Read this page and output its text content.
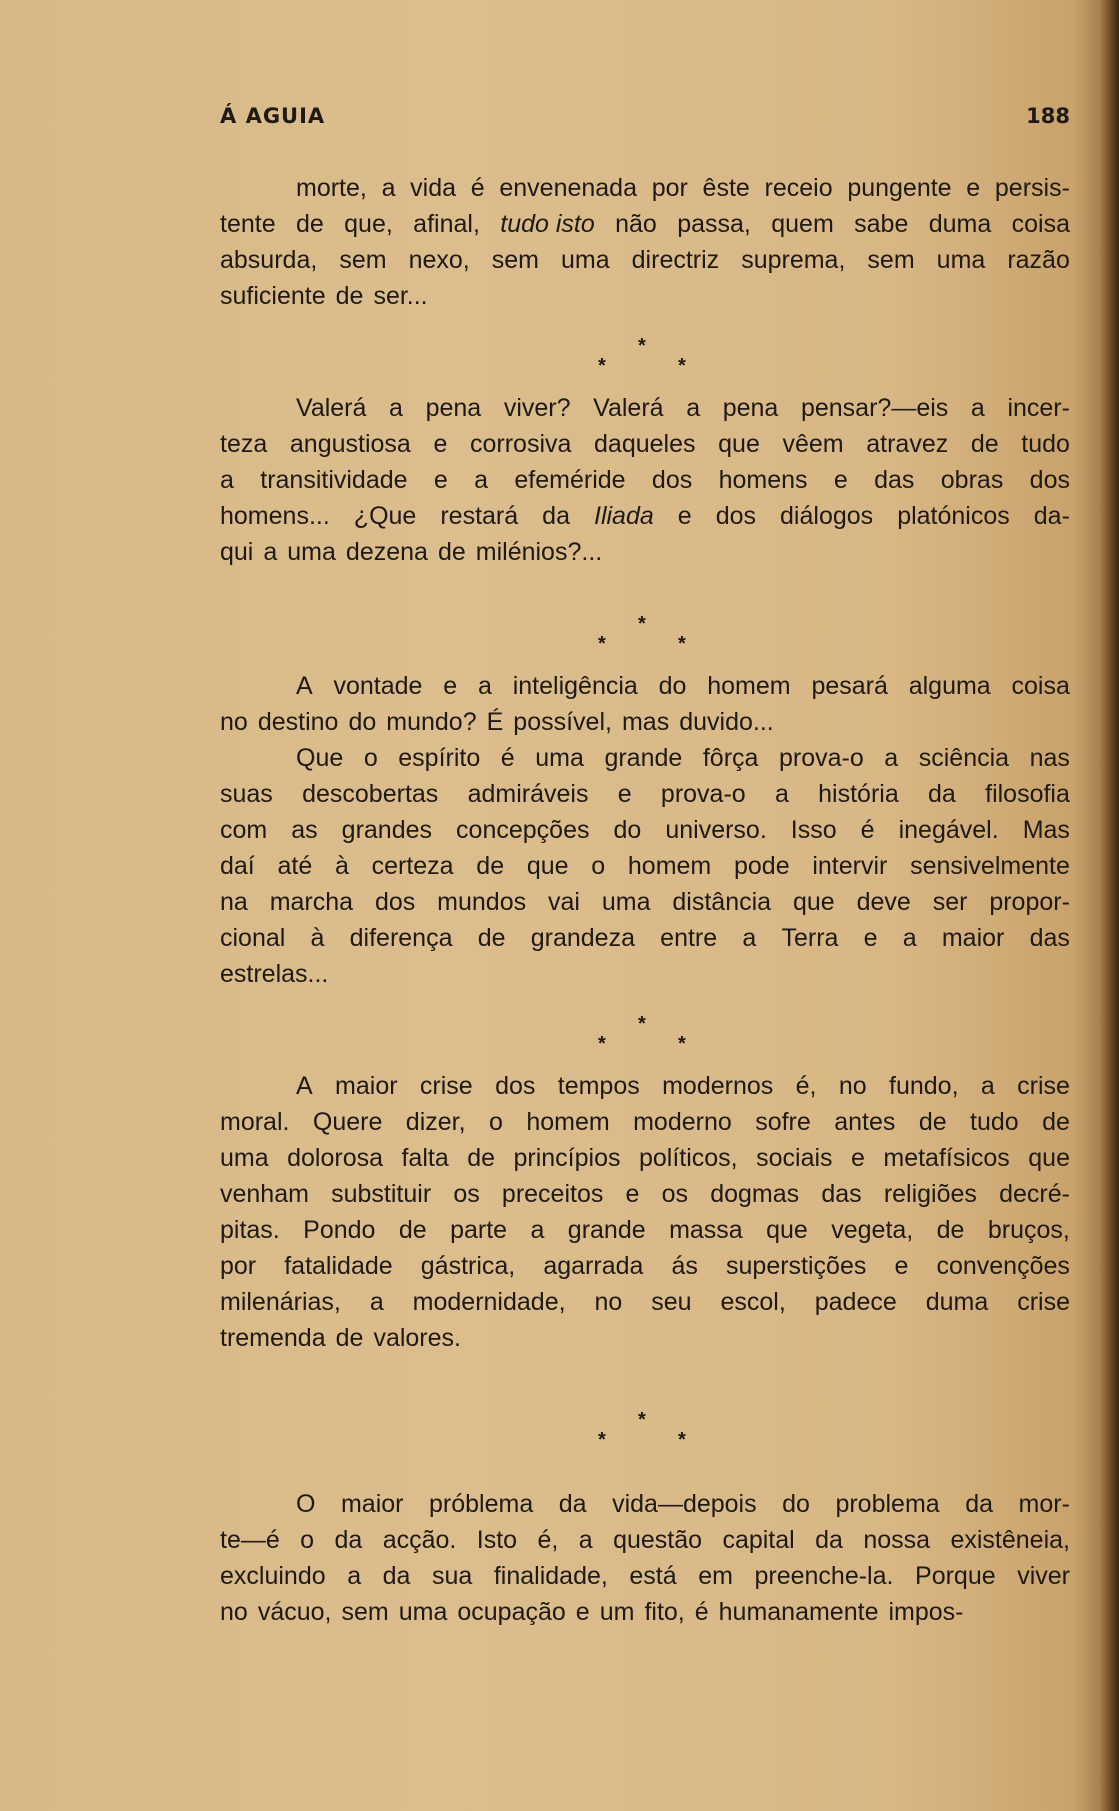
Á AGUIA	188
morte, a vida é envenenada por êste receio pungente e persis-
tente de que, afinal, tudo isto não passa, quem sabe duma coisa
absurda, sem nexo, sem uma directriz suprema, sem uma razão
suficiente de ser...
*
*	*
Valerá a pena viver? Valerá a pena pensar?—eis a incer-
teza angustiosa e corrosiva daqueles que vêem atravez de tudo
a transitividade e a efeméride dos homens e das obras dos
homens... ¿Que restará da Iliada e dos diálogos platónicos da-
qui a uma dezena de milénios?...
*
*	*
A vontade e a inteligência do homem pesará alguma coisa
no destino do mundo? É possível, mas duvido...
Que o espírito é uma grande fôrça prova-o a sciência nas
suas descobertas admiráveis e prova-o a história da filosofia
com as grandes concepções do universo. Isso é inegável. Mas
daí até à certeza de que o homem pode intervir sensivelmente
na marcha dos mundos vai uma distância que deve ser propor-
cional à diferença de grandeza entre a Terra e a maior das
estrelas...
*
*	*
A maior crise dos tempos modernos é, no fundo, a crise
moral. Quere dizer, o homem moderno sofre antes de tudo de
uma dolorosa falta de princípios políticos, sociais e metafísicos que
venham substituir os preceitos e os dogmas das religiões decré-
pitas. Pondo de parte a grande massa que vegeta, de bruços,
por fatalidade gástrica, agarrada ás superstições e convenções
milenárias, a modernidade, no seu escol, padece duma crise
tremenda de valores.
*
*	*
O maior próblema da vida—depois do problema da mor-
te—é o da acção. Isto é, a questão capital da nossa existêneia,
excluindo a da sua finalidade, está em preenche-la. Porque viver
no vácuo, sem uma ocupação e um fito, é humanamente impos-
